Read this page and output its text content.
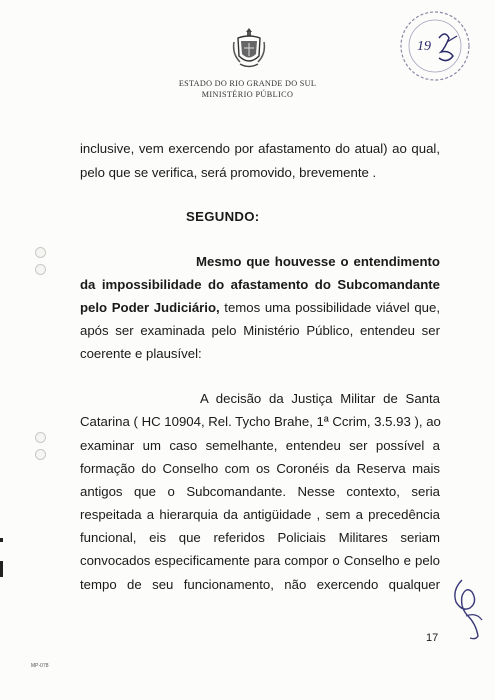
ESTADO DO RIO GRANDE DO SUL
MINISTÉRIO PÚBLICO
19
inclusive, vem exercendo por afastamento do atual) ao qual,
pelo que se verifica, será promovido, brevemente .
SEGUNDO:
Mesmo que houvesse o entendimento
da impossibilidade do afastamento do Subcomandante
pelo Poder Judiciário, temos uma possibilidade viável que,
após ser examinada pelo Ministério Público, entendeu ser
coerente e plausível:
A decisão da Justiça Militar de Santa
Catarina ( HC 10904, Rel. Tycho Brahe, 1ª Ccrim, 3.5.93 ), ao
examinar um caso semelhante, entendeu ser possível a
formação do Conselho com os Coronéis da Reserva mais
antigos que o Subcomandante. Nesse contexto, seria
respeitada a hierarquia da antigüidade , sem a precedência
funcional, eis que referidos Policiais Militares seriam
convocados especificamente para compor o Conselho e pelo
tempo de seu funcionamento, não exercendo qualquer
17
MP-078
